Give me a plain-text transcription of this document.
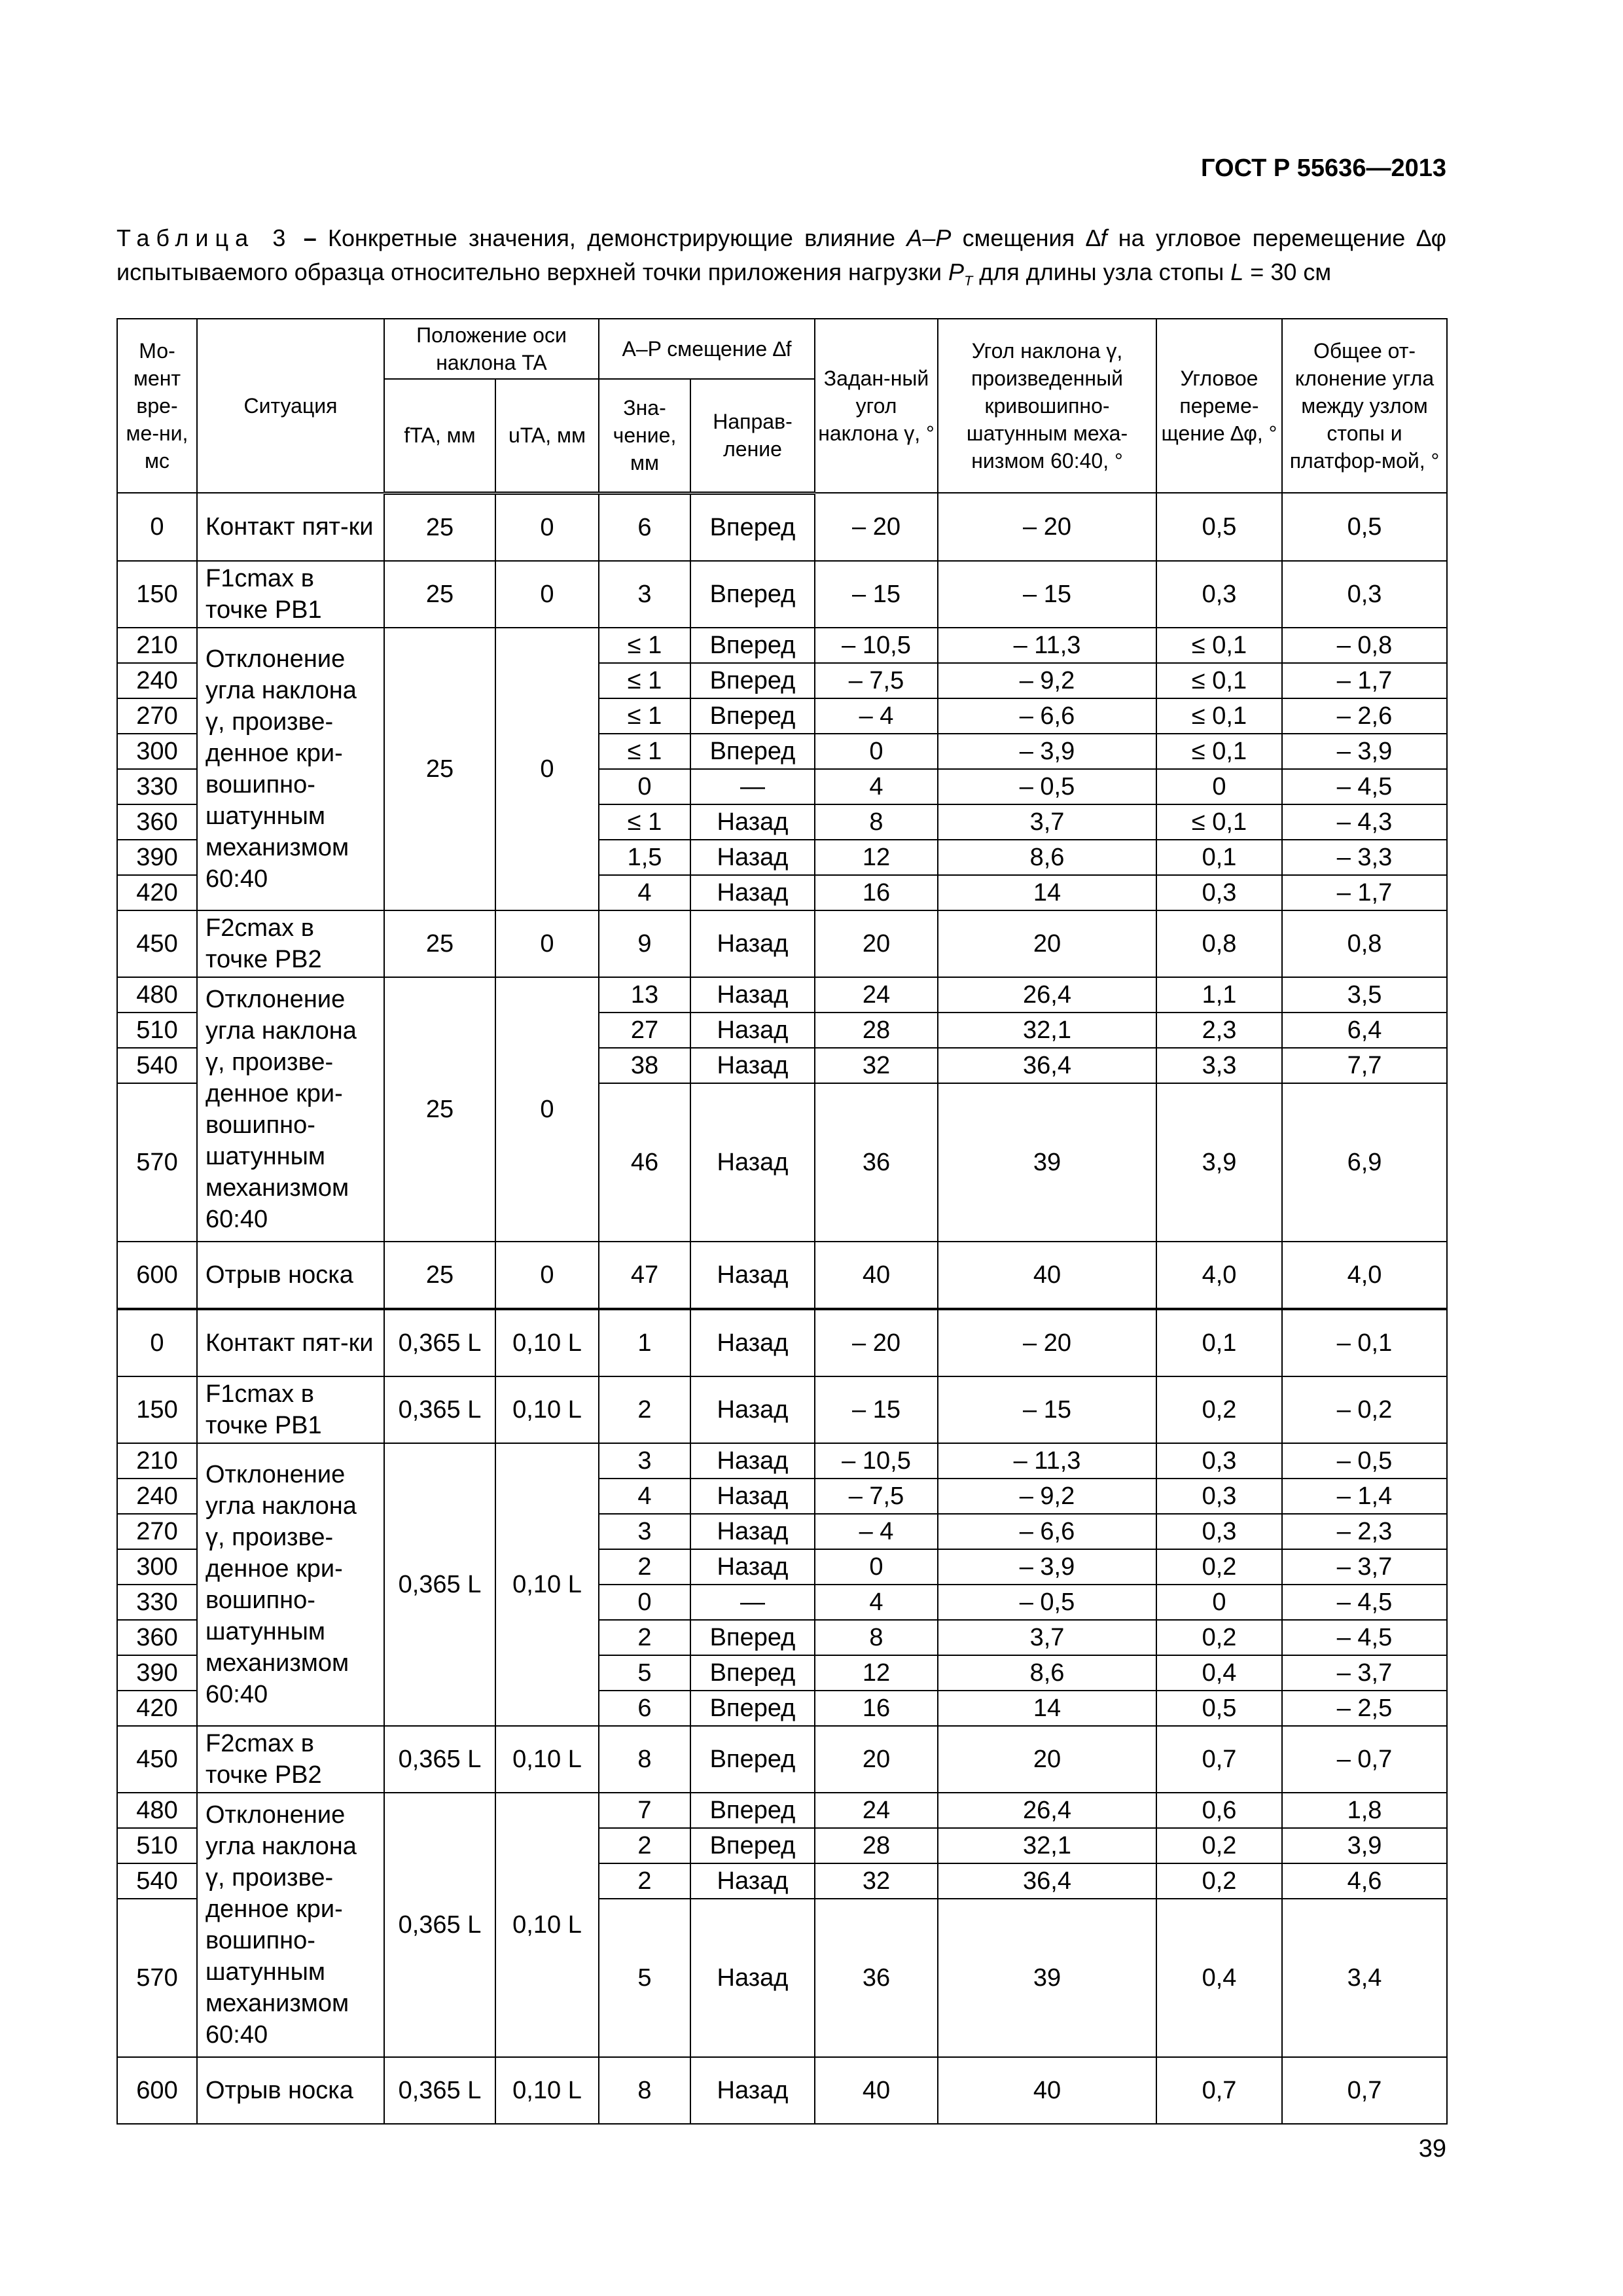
ГОСТ Р 55636—2013
Таблица 3 – Конкретные значения, демонстрирующие влияние A–P смещения ∆f на угловое перемещение ∆φ испытываемого образца относительно верхней точки приложения нагрузки $P_T$ для длины узла стопы L = 30 см
Мо-мент вре-ме-ни, мс	Ситуация	Положение оси наклона TA		A–P смещение ∆f		Задан-ный угол наклона γ, °	Угол наклона γ, произведенный кривошипно-шатунным меха-низмом 60:40, °	Угловое переме-щение ∆φ, °	Общее от-клонение угла между узлом стопы и платфор-мой, °
		fTA, мм	uTA, мм	Зна-чение, мм	Направ-ление				
0	Контакт пят-ки	25	0	6	Вперед	– 20	– 20	0,5	0,5
150	F1cmax в точке PB1	25	0	3	Вперед	– 15	– 15	0,3	0,3
210	Отклонение угла наклона γ, произве-денное кри-вошипно-шатунным механизмом 60:40	25	0	≤ 1	Вперед	– 10,5	– 11,3	≤ 0,1	– 0,8
240				≤ 1	Вперед	– 7,5	– 9,2	≤ 0,1	– 1,7
270				≤ 1	Вперед	– 4	– 6,6	≤ 0,1	– 2,6
300				≤ 1	Вперед	0	– 3,9	≤ 0,1	– 3,9
330				0	—	4	– 0,5	0	– 4,5
360				≤ 1	Назад	8	3,7	≤ 0,1	– 4,3
390				1,5	Назад	12	8,6	0,1	– 3,3
420				4	Назад	16	14	0,3	– 1,7
450	F2cmax в точке PB2	25	0	9	Назад	20	20	0,8	0,8
480	Отклонение угла наклона γ, произве-денное кри-вошипно-шатунным механизмом 60:40	25	0	13	Назад	24	26,4	1,1	3,5
510				27	Назад	28	32,1	2,3	6,4
540				38	Назад	32	36,4	3,3	7,7
570				46	Назад	36	39	3,9	6,9
600	Отрыв носка	25	0	47	Назад	40	40	4,0	4,0
0	Контакт пят-ки	0,365 L	0,10 L	1	Назад	– 20	– 20	0,1	– 0,1
150	F1cmax в точке PB1	0,365 L	0,10 L	2	Назад	– 15	– 15	0,2	– 0,2
210	Отклонение угла наклона γ, произве-денное кри-вошипно-шатунным механизмом 60:40	0,365 L	0,10 L	3	Назад	– 10,5	– 11,3	0,3	– 0,5
240				4	Назад	– 7,5	– 9,2	0,3	– 1,4
270				3	Назад	– 4	– 6,6	0,3	– 2,3
300				2	Назад	0	– 3,9	0,2	– 3,7
330				0	—	4	– 0,5	0	– 4,5
360				2	Вперед	8	3,7	0,2	– 4,5
390				5	Вперед	12	8,6	0,4	– 3,7
420				6	Вперед	16	14	0,5	– 2,5
450	F2cmax в точке PB2	0,365 L	0,10 L	8	Вперед	20	20	0,7	– 0,7
480	Отклонение угла наклона γ, произве-денное кри-вошипно-шатунным механизмом 60:40	0,365 L	0,10 L	7	Вперед	24	26,4	0,6	1,8
510				2	Вперед	28	32,1	0,2	3,9
540				2	Назад	32	36,4	0,2	4,6
570				5	Назад	36	39	0,4	3,4
600	Отрыв носка	0,365 L	0,10 L	8	Назад	40	40	0,7	0,7
39
